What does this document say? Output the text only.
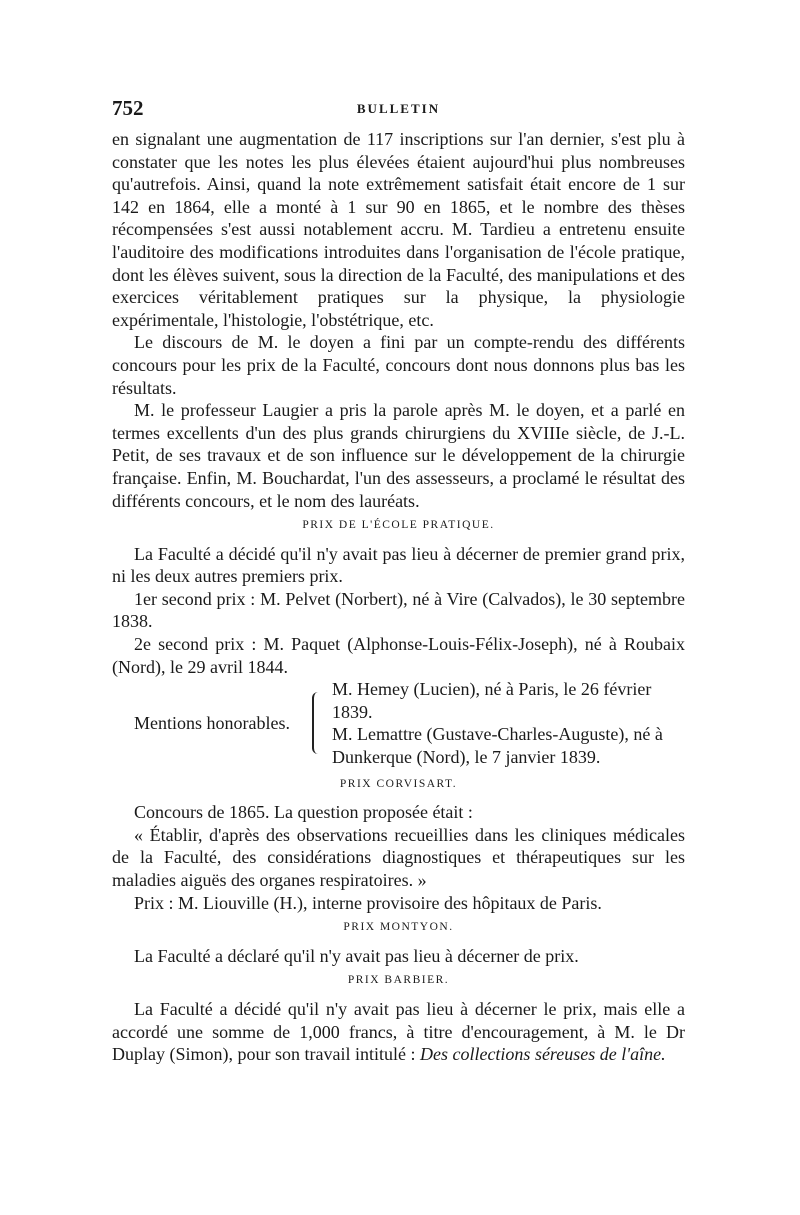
752	BULLETIN

en signalant une augmentation de 117 inscriptions sur l'an dernier, s'est plu à constater que les notes les plus élevées étaient aujourd'hui plus nombreuses qu'autrefois. Ainsi, quand la note extrêmement satisfait était encore de 1 sur 142 en 1864, elle a monté à 1 sur 90 en 1865, et le nombre des thèses récompensées s'est aussi notablement accru. M. Tardieu a entretenu ensuite l'auditoire des modifications introduites dans l'organisation de l'école pratique, dont les élèves suivent, sous la direction de la Faculté, des manipulations et des exercices véritablement pratiques sur la physique, la physiologie expérimentale, l'histologie, l'obstétrique, etc.

Le discours de M. le doyen a fini par un compte-rendu des différents concours pour les prix de la Faculté, concours dont nous donnons plus bas les résultats.

M. le professeur Laugier a pris la parole après M. le doyen, et a parlé en termes excellents d'un des plus grands chirurgiens du XVIIIe siècle, de J.-L. Petit, de ses travaux et de son influence sur le développement de la chirurgie française. Enfin, M. Bouchardat, l'un des assesseurs, a proclamé le résultat des différents concours, et le nom des lauréats.

PRIX DE L'ÉCOLE PRATIQUE.

La Faculté a décidé qu'il n'y avait pas lieu à décerner de premier grand prix, ni les deux autres premiers prix.

1er second prix : M. Pelvet (Norbert), né à Vire (Calvados), le 30 septembre 1838.

2e second prix : M. Paquet (Alphonse-Louis-Félix-Joseph), né à Roubaix (Nord), le 29 avril 1844.

Mentions honorables.
M. Hemey (Lucien), né à Paris, le 26 février 1839.
M. Lemattre (Gustave-Charles-Auguste), né à Dunkerque (Nord), le 7 janvier 1839.

PRIX CORVISART.

Concours de 1865. La question proposée était :

« Établir, d'après des observations recueillies dans les cliniques médicales de la Faculté, des considérations diagnostiques et thérapeutiques sur les maladies aiguës des organes respiratoires. »

Prix : M. Liouville (H.), interne provisoire des hôpitaux de Paris.

PRIX MONTYON.

La Faculté a déclaré qu'il n'y avait pas lieu à décerner de prix.

PRIX BARBIER.

La Faculté a décidé qu'il n'y avait pas lieu à décerner le prix, mais elle a accordé une somme de 1,000 francs, à titre d'encouragement, à M. le Dr Duplay (Simon), pour son travail intitulé : Des collections séreuses de l'aîne.
